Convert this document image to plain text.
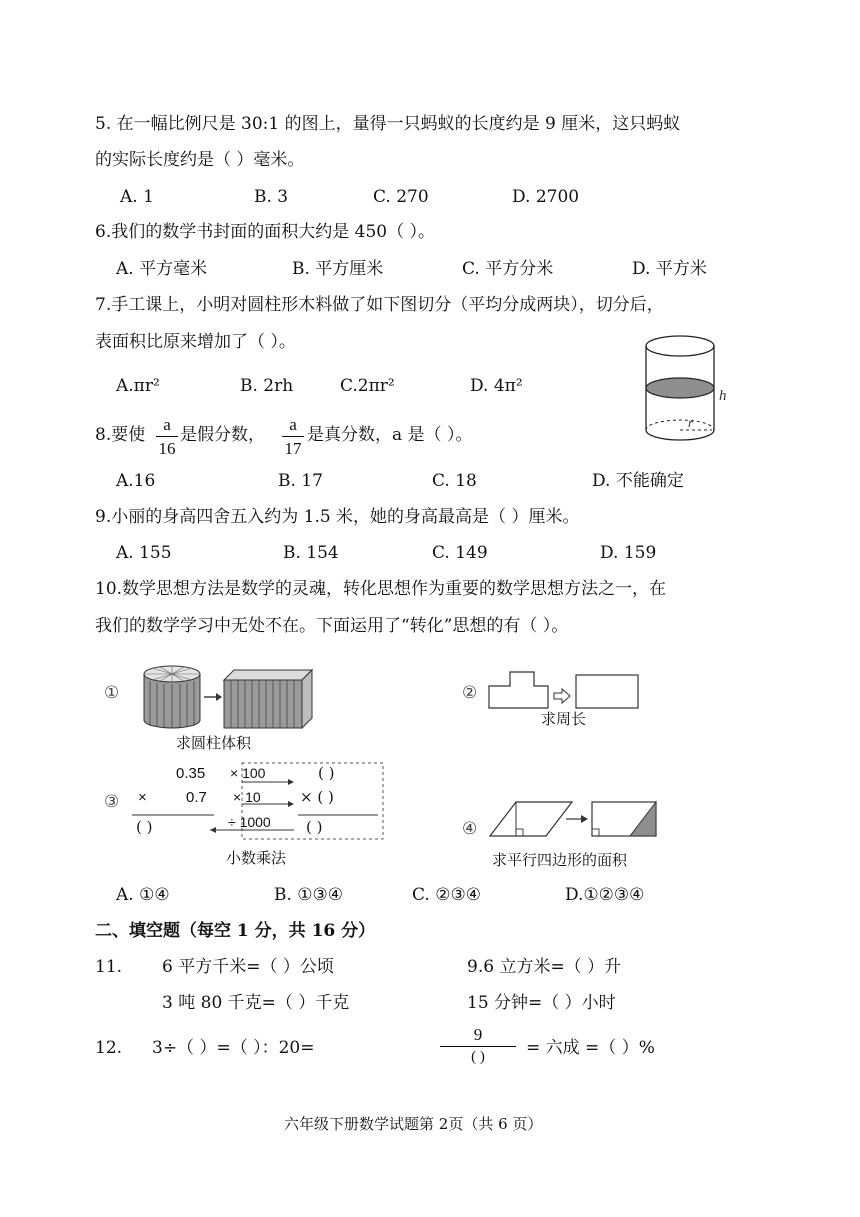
5. 在一幅比例尺是 30:1 的图上，量得一只蚂蚁的长度约是 9 厘米，这只蚂蚁
的实际长度约是（ ）毫米。
A. 1	B. 3	C. 270	D. 2700
6.我们的数学书封面的面积大约是 450（ ）。
A. 平方毫米	B. 平方厘米	C. 平方分米	D. 平方米
7.手工课上，小明对圆柱形木料做了如下图切分（平均分成两块），切分后，
表面积比原来增加了（ ）。
A.πr²	B. 2rh	C.2πr²	D. 4π²	h
r
8.要使
a
16
是假分数，
a
17
是真分数，a 是（ ）。
A.16	B. 17	C. 18	D. 不能确定
9.小丽的身高四舍五入约为 1.5 米，她的身高最高是（ ）厘米。
A. 155	B. 154	C. 149	D. 159
10.数学思想方法是数学的灵魂，转化思想作为重要的数学思想方法之一，在
我们的数学学习中无处不在。下面运用了“转化”思想的有（ ）。
①
求圆柱体积
②
求周长
③
0.35
×	0.7
( )
× 100
× 10
÷ 1000
( )
× ( )
( )
小数乘法
④
求平行四边形的面积
A. ①④	B. ①③④	C. ②③④	D.①②③④
二、填空题（每空 1 分，共 16 分）
11. 6 平方千米=（ ）公顷	9.6 立方米=（ ）升
3 吨 80 千克=（ ）千克	15 分钟=（ ）小时
12. 3÷（ ）=（ ）：20=
9
( )	= 六成 =（ ）%
六年级下册数学试题第 2页（共 6 页）
